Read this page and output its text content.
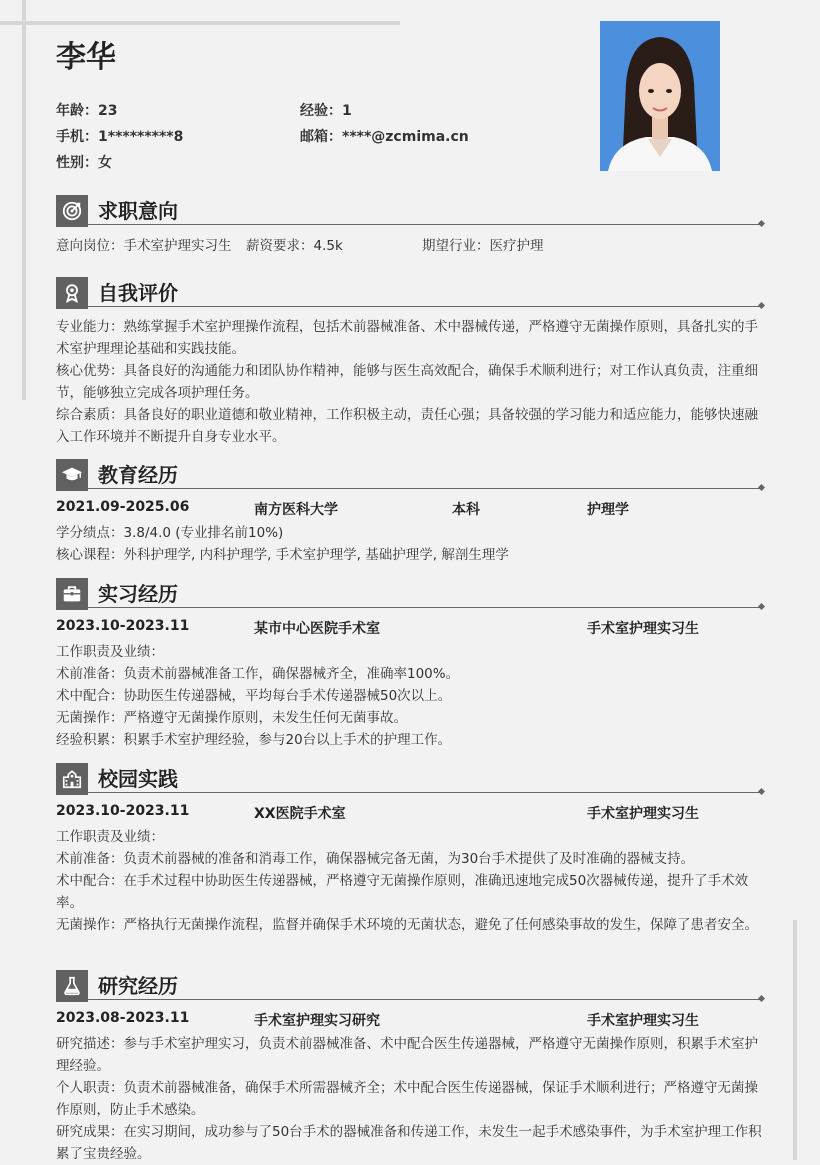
李华
年龄：23	经验：1
手机：1*********8	邮箱：****@zcmima.cn
性别：女
求职意向
意向岗位：手术室护理实习生 薪资要求：4.5k	期望行业：医疗护理
自我评价

专业能力：熟练掌握手术室护理操作流程，包括术前器械准备、术中器械传递，严格遵守无菌操作原则，具备扎实的手术室护理理论基础和实践技能。

核心优势：具备良好的沟通能力和团队协作精神，能够与医生高效配合，确保手术顺利进行；对工作认真负责，注重细节，能够独立完成各项护理任务。

综合素质：具备良好的职业道德和敬业精神，工作积极主动，责任心强；具备较强的学习能力和适应能力，能够快速融入工作环境并不断提升自身专业水平。

教育经历
2021.09-2025.06	南方医科大学	本科	护理学

学分绩点：3.8/4.0 (专业排名前10%)

核心课程：外科护理学, 内科护理学, 手术室护理学, 基础护理学, 解剖生理学

实习经历
2023.10-2023.11	某市中心医院手术室	手术室护理实习生

工作职责及业绩：

术前准备：负责术前器械准备工作，确保器械齐全，准确率100%。

术中配合：协助医生传递器械，平均每台手术传递器械50次以上。

无菌操作：严格遵守无菌操作原则，未发生任何无菌事故。

经验积累：积累手术室护理经验，参与20台以上手术的护理工作。

校园实践
2023.10-2023.11	XX医院手术室	手术室护理实习生

工作职责及业绩：

术前准备：负责术前器械的准备和消毒工作，确保器械完备无菌，为30台手术提供了及时准确的器械支持。

术中配合：在手术过程中协助医生传递器械，严格遵守无菌操作原则，准确迅速地完成50次器械传递，提升了手术效率。

无菌操作：严格执行无菌操作流程，监督并确保手术环境的无菌状态，避免了任何感染事故的发生，保障了患者安全。

研究经历
2023.08-2023.11	手术室护理实习研究	手术室护理实习生

研究描述：参与手术室护理实习，负责术前器械准备、术中配合医生传递器械，严格遵守无菌操作原则，积累手术室护理经验。

个人职责：负责术前器械准备，确保手术所需器械齐全；术中配合医生传递器械，保证手术顺利进行；严格遵守无菌操作原则，防止手术感染。

研究成果：在实习期间，成功参与了50台手术的器械准备和传递工作，未发生一起手术感染事件，为手术室护理工作积累了宝贵经验。
